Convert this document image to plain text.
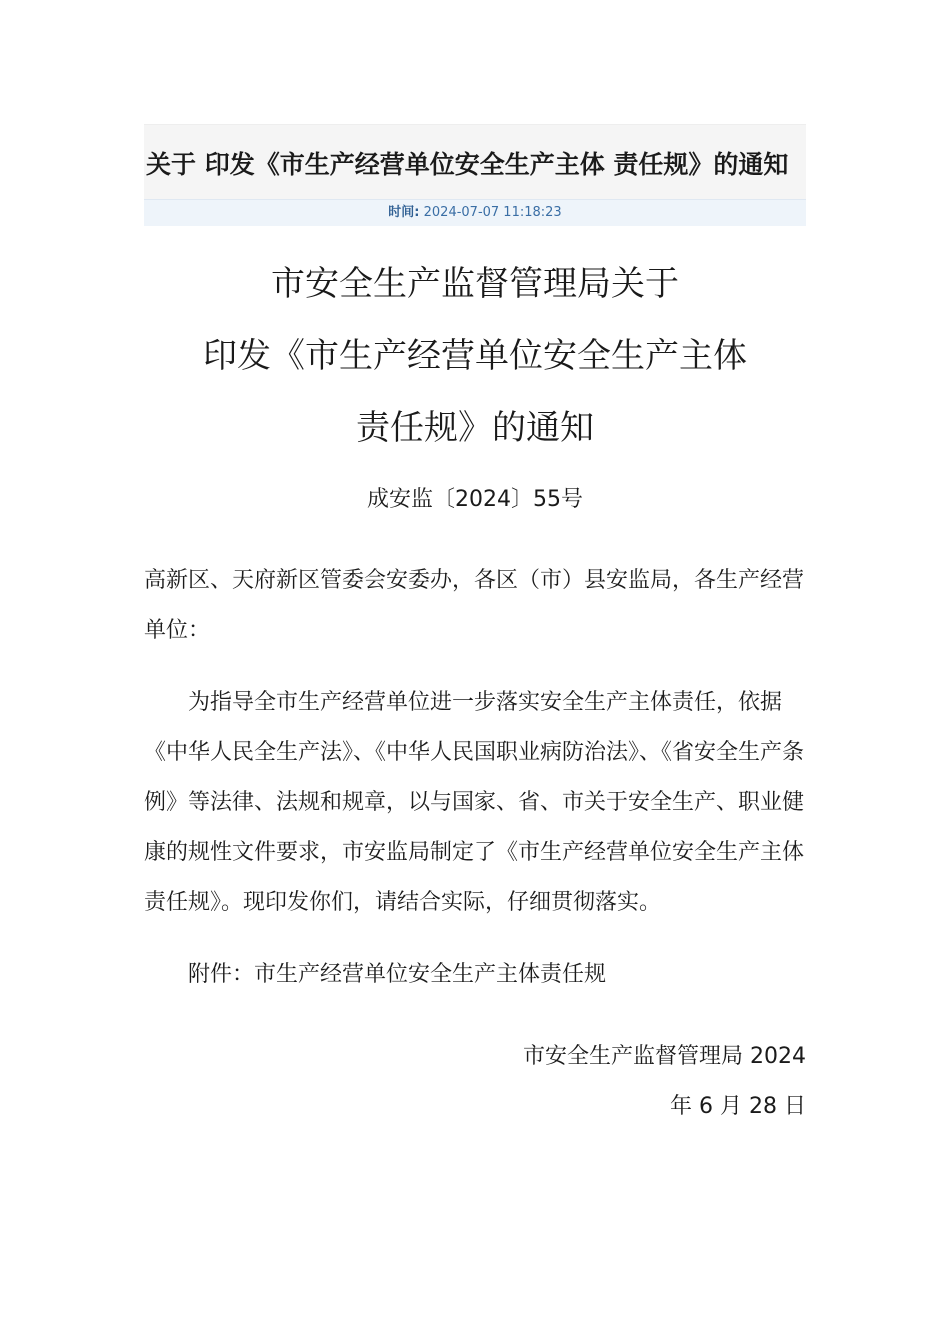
关于 印发《市生产经营单位安全生产主体 责任规》的通知
时间: 2024-07-07 11:18:23
市安全生产监督管理局关于
印发《市生产经营单位安全生产主体
责任规》的通知
成安监〔2024〕55号

高新区、天府新区管委会安委办，各区（市）县安监局，各生产经营单位：

为指导全市生产经营单位进一步落实安全生产主体责任，依据《中华人民全生产法》、《中华人民国职业病防治法》、《省安全生产条例》等法律、法规和规章，以与国家、省、市关于安全生产、职业健康的规性文件要求，市安监局制定了《市生产经营单位安全生产主体责任规》。现印发你们，请结合实际，仔细贯彻落实。

附件：市生产经营单位安全生产主体责任规

市安全生产监督管理局 2024
年 6 月 28 日
